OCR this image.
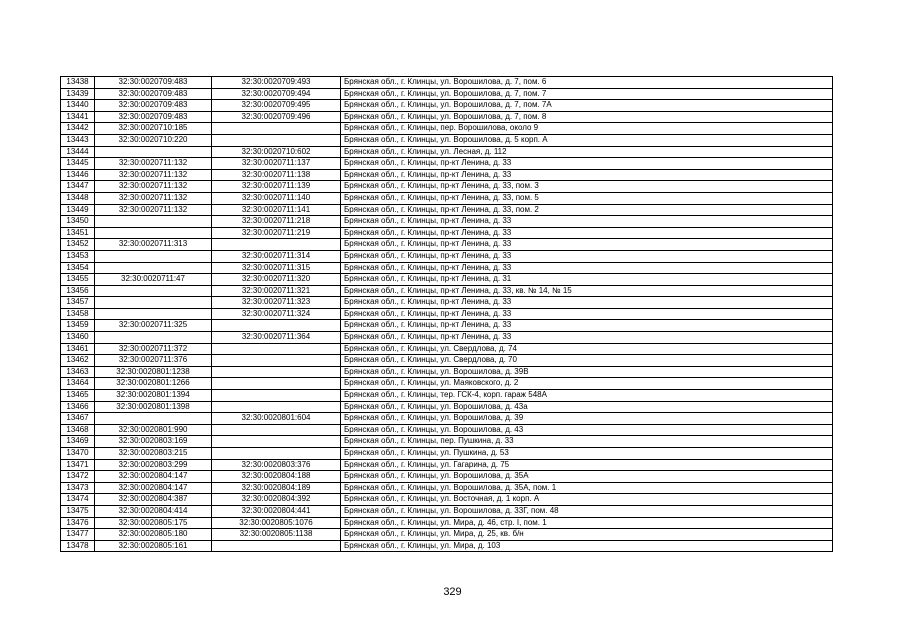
13438	32:30:0020709:483	32:30:0020709:493	Брянская обл., г. Клинцы, ул. Ворошилова, д. 7, пом. 6
13439	32:30:0020709:483	32:30:0020709:494	Брянская обл., г. Клинцы, ул. Ворошилова, д. 7, пом. 7
13440	32:30:0020709:483	32:30:0020709:495	Брянская обл., г. Клинцы, ул. Ворошилова, д. 7, пом. 7А
13441	32:30:0020709:483	32:30:0020709:496	Брянская обл., г. Клинцы, ул. Ворошилова, д. 7, пом. 8
13442	32:30:0020710:185		Брянская обл., г. Клинцы, пер. Ворошилова, около 9
13443	32:30:0020710:220		Брянская обл., г. Клинцы, ул. Ворошилова, д. 5 корп. А
13444		32:30:0020710:602	Брянская обл., г. Клинцы, ул. Лесная, д. 112
13445	32:30:0020711:132	32:30:0020711:137	Брянская обл., г. Клинцы, пр-кт Ленина, д. 33
13446	32:30:0020711:132	32:30:0020711:138	Брянская обл., г. Клинцы, пр-кт Ленина, д. 33
13447	32:30:0020711:132	32:30:0020711:139	Брянская обл., г. Клинцы, пр-кт Ленина, д. 33, пом. 3
13448	32:30:0020711:132	32:30:0020711:140	Брянская обл., г. Клинцы, пр-кт Ленина, д. 33, пом. 5
13449	32:30:0020711:132	32:30:0020711:141	Брянская обл., г. Клинцы, пр-кт Ленина, д. 33, пом. 2
13450		32:30:0020711:218	Брянская обл., г. Клинцы, пр-кт Ленина, д. 33
13451		32:30:0020711:219	Брянская обл., г. Клинцы, пр-кт Ленина, д. 33
13452	32:30:0020711:313		Брянская обл., г. Клинцы, пр-кт Ленина, д. 33
13453		32:30:0020711:314	Брянская обл., г. Клинцы, пр-кт Ленина, д. 33
13454		32:30:0020711:315	Брянская обл., г. Клинцы, пр-кт Ленина, д. 33
13455	32:30:0020711:47	32:30:0020711:320	Брянская обл., г. Клинцы, пр-кт Ленина, д. 31
13456		32:30:0020711:321	Брянская обл., г. Клинцы, пр-кт Ленина, д. 33, кв. № 14, № 15
13457		32:30:0020711:323	Брянская обл., г. Клинцы, пр-кт Ленина, д. 33
13458		32:30:0020711:324	Брянская обл., г. Клинцы, пр-кт Ленина, д. 33
13459	32:30:0020711:325		Брянская обл., г. Клинцы, пр-кт Ленина, д. 33
13460		32:30:0020711:364	Брянская обл., г. Клинцы, пр-кт Ленина, д. 33
13461	32:30:0020711:372		Брянская обл., г. Клинцы, ул. Свердлова, д. 74
13462	32:30:0020711:376		Брянская обл., г. Клинцы, ул. Свердлова, д. 70
13463	32:30:0020801:1238		Брянская обл., г. Клинцы, ул. Ворошилова, д. 39В
13464	32:30:0020801:1266		Брянская обл., г. Клинцы, ул. Маяковского, д. 2
13465	32:30:0020801:1394		Брянская обл., г. Клинцы, тер. ГСК-4, корп. гараж 548А
13466	32:30:0020801:1398		Брянская обл., г. Клинцы, ул. Ворошилова, д. 43а
13467		32:30:0020801:604	Брянская обл., г. Клинцы, ул. Ворошилова, д. 39
13468	32:30:0020801:990		Брянская обл., г. Клинцы, ул. Ворошилова, д. 43
13469	32:30:0020803:169		Брянская обл., г. Клинцы, пер. Пушкина, д. 33
13470	32:30:0020803:215		Брянская обл., г. Клинцы, ул. Пушкина, д. 53
13471	32:30:0020803:299	32:30:0020803:376	Брянская обл., г. Клинцы, ул. Гагарина, д. 75
13472	32:30:0020804:147	32:30:0020804:188	Брянская обл., г. Клинцы, ул. Ворошилова, д. 35А
13473	32:30:0020804:147	32:30:0020804:189	Брянская обл., г. Клинцы, ул. Ворошилова, д. 35А, пом. 1
13474	32:30:0020804:387	32:30:0020804:392	Брянская обл., г. Клинцы, ул. Восточная, д. 1 корп. А
13475	32:30:0020804:414	32:30:0020804:441	Брянская обл., г. Клинцы, ул. Ворошилова, д. 33Г, пом. 48
13476	32:30:0020805:175	32:30:0020805:1076	Брянская обл., г. Клинцы, ул. Мира, д. 46, стр. I, пом. 1
13477	32:30:0020805:180	32:30:0020805:1138	Брянская обл., г. Клинцы, ул. Мира, д. 25, кв. б/н
13478	32:30:0020805:161		Брянская обл., г. Клинцы, ул. Мира, д. 103
329
